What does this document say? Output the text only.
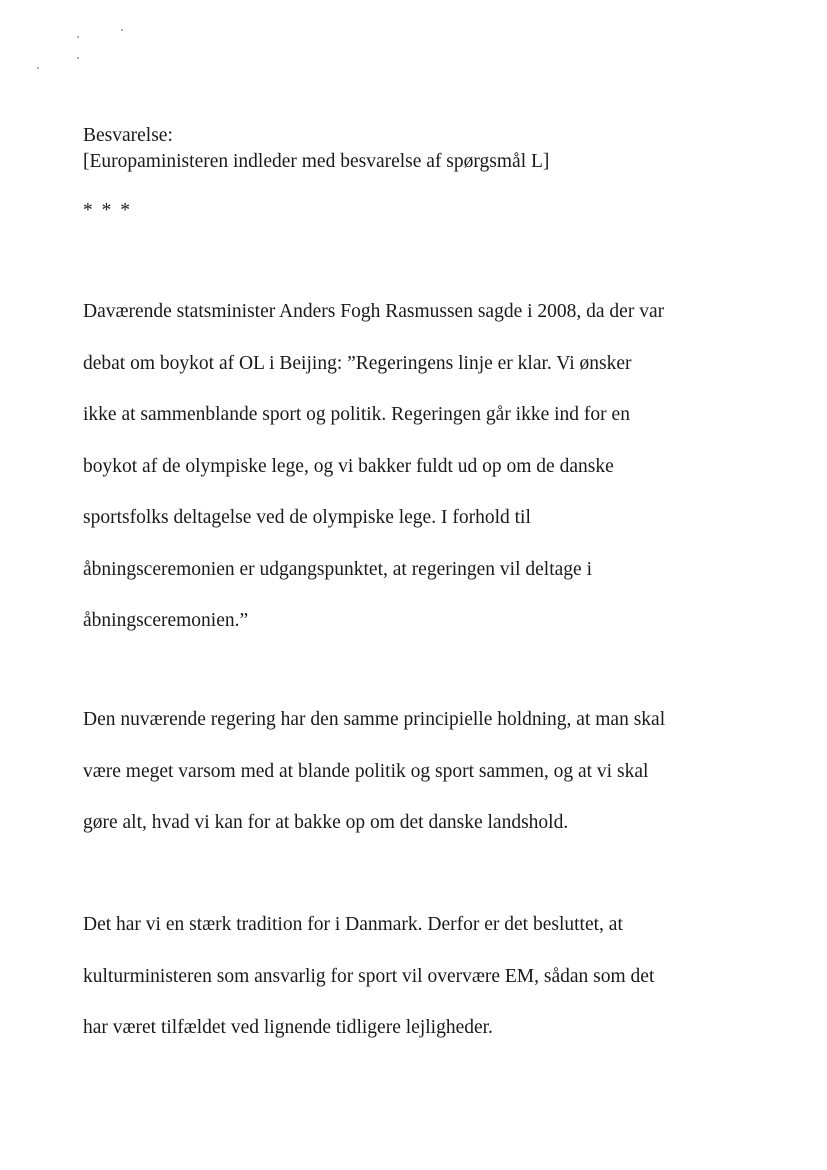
Besvarelse:
[Europaministeren indleder med besvarelse af spørgsmål L]
* * *
Daværende statsminister Anders Fogh Rasmussen sagde i 2008, da der var
debat om boykot af OL i Beijing: ”Regeringens linje er klar. Vi ønsker
ikke at sammenblande sport og politik. Regeringen går ikke ind for en
boykot af de olympiske lege, og vi bakker fuldt ud op om de danske
sportsfolks deltagelse ved de olympiske lege. I forhold til
åbningsceremonien er udgangspunktet, at regeringen vil deltage i
åbningsceremonien.”
Den nuværende regering har den samme principielle holdning, at man skal
være meget varsom med at blande politik og sport sammen, og at vi skal
gøre alt, hvad vi kan for at bakke op om det danske landshold.
Det har vi en stærk tradition for i Danmark. Derfor er det besluttet, at
kulturministeren som ansvarlig for sport vil overvære EM, sådan som det
har været tilfældet ved lignende tidligere lejligheder.
